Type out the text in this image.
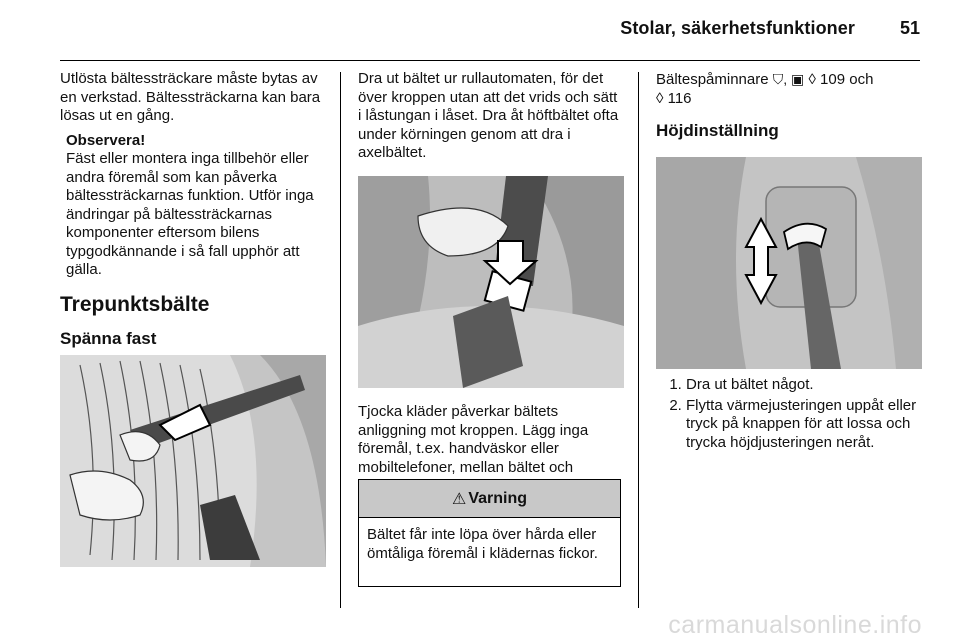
Stolar, säkerhetsfunktioner 51

Utlösta bältessträckare måste bytas av en verkstad. Bältessträckarna kan bara lösas ut en gång.

Observera!
Fäst eller montera inga tillbehör eller andra föremål som kan påverka bältessträckarnas funktion. Utför inga ändringar på bältessträckarnas komponenter eftersom bilens typgodkännande i så fall upphör att gälla.
Trepunktsbälte
Spänna fast

Dra ut bältet ur rullautomaten, för det över kroppen utan att det vrids och sätt i låstungan i låset. Dra åt höftbältet ofta under körningen genom att dra i axelbältet.

Tjocka kläder påverkar bältets anliggning mot kroppen. Lägg inga föremål, t.ex. handväskor eller mobiltelefoner, mellan bältet och

⚠ Varning
Bältet får inte löpa över hårda eller ömtåliga föremål i klädernas fickor.

Bältespåminnare ⛉, ▣ ◊ 109 och
◊ 116

Höjdinställning
1. Dra ut bältet något.
2. Flytta värmejusteringen uppåt eller tryck på knappen för att lossa och trycka höjdjusteringen neråt.
carmanualsonline.info
